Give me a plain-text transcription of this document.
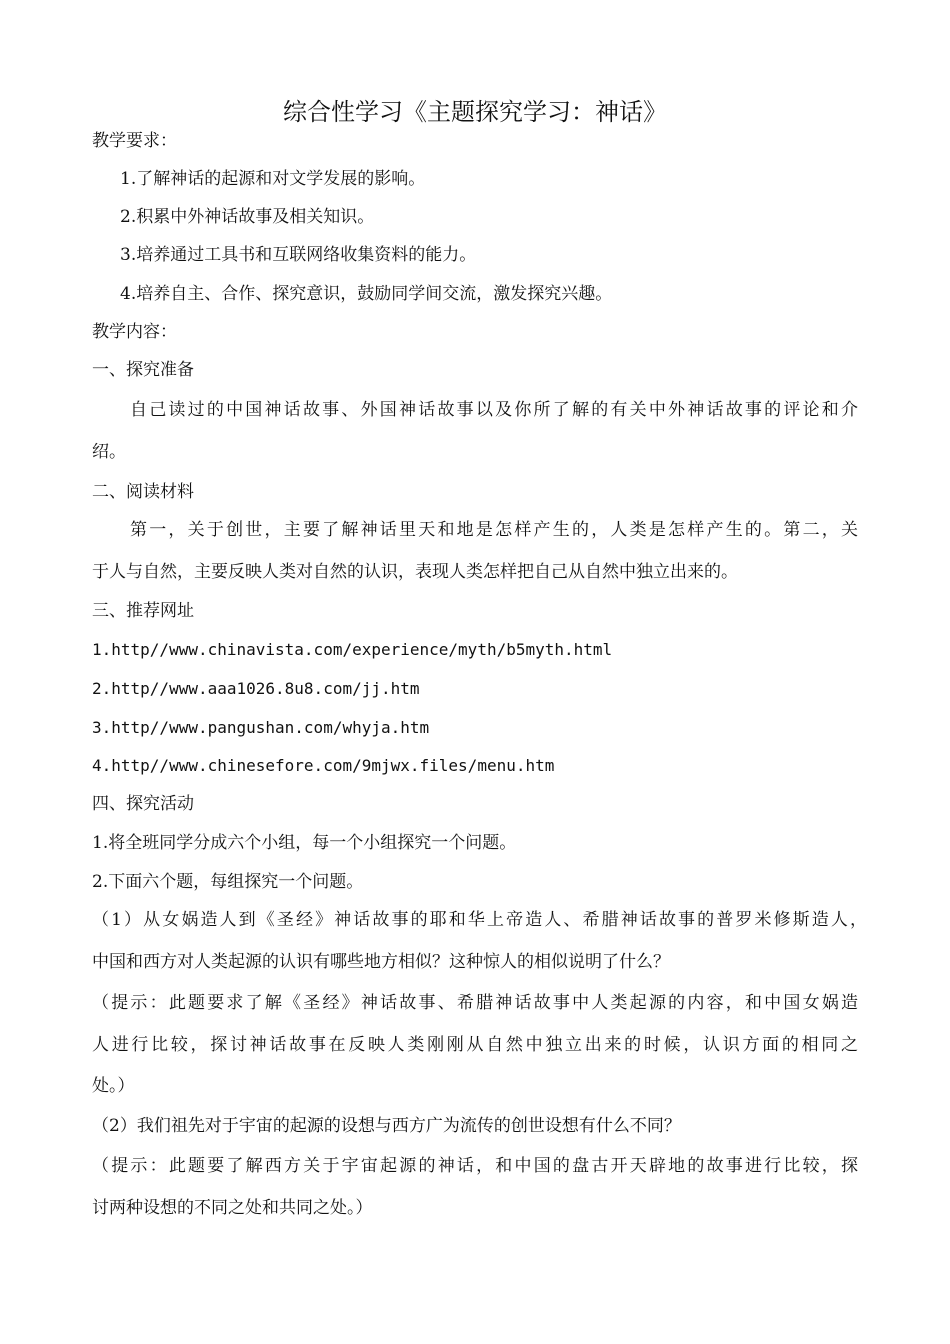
综合性学习《主题探究学习：神话》
教学要求：
1.了解神话的起源和对文学发展的影响。
2.积累中外神话故事及相关知识。
3.培养通过工具书和互联网络收集资料的能力。
4.培养自主、合作、探究意识，鼓励同学间交流，激发探究兴趣。
教学内容：
一、探究准备
自己读过的中国神话故事、外国神话故事以及你所了解的有关中外神话故事的评论和介
绍。
二、阅读材料
第一，关于创世，主要了解神话里天和地是怎样产生的，人类是怎样产生的。第二，关
于人与自然，主要反映人类对自然的认识，表现人类怎样把自己从自然中独立出来的。
三、推荐网址
1.http//www.chinavista.com/experience/myth/b5myth.html
2.http//www.aaa1026.8u8.com/jj.htm
3.http//www.pangushan.com/whyja.htm
4.http//www.chinesefore.com/9mjwx.files/menu.htm
四、探究活动
1.将全班同学分成六个小组，每一个小组探究一个问题。
2.下面六个题，每组探究一个问题。
（1）从女娲造人到《圣经》神话故事的耶和华上帝造人、希腊神话故事的普罗米修斯造人，
中国和西方对人类起源的认识有哪些地方相似？这种惊人的相似说明了什么？
（提示：此题要求了解《圣经》神话故事、希腊神话故事中人类起源的内容，和中国女娲造
人进行比较，探讨神话故事在反映人类刚刚从自然中独立出来的时候，认识方面的相同之
处。）
（2）我们祖先对于宇宙的起源的设想与西方广为流传的创世设想有什么不同？
（提示：此题要了解西方关于宇宙起源的神话，和中国的盘古开天辟地的故事进行比较，探
讨两种设想的不同之处和共同之处。）
